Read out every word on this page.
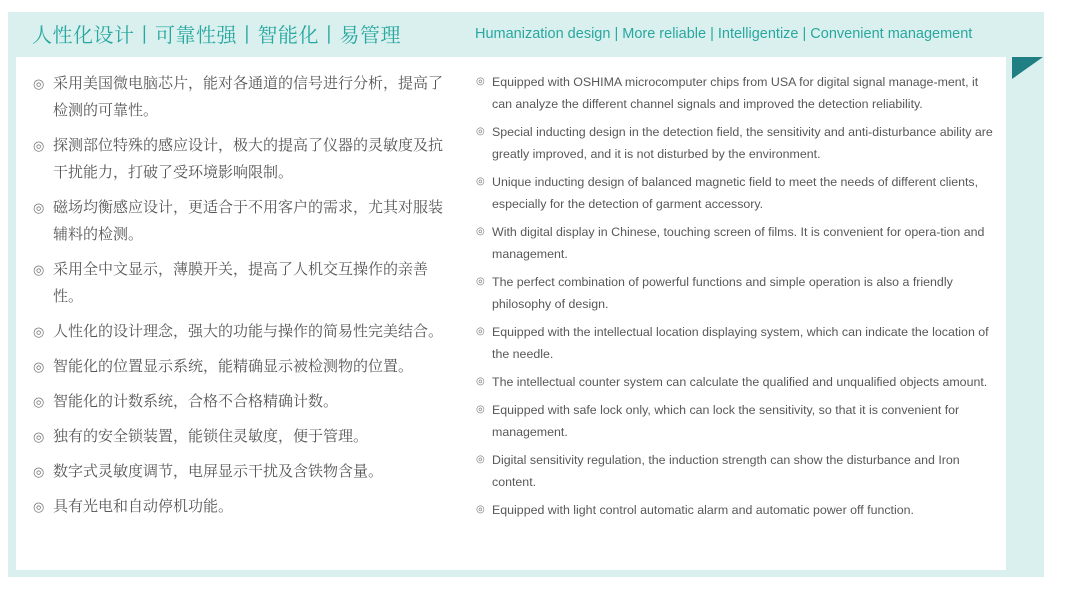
人性化设计丨可靠性强丨智能化丨易管理	Humanization design | More reliable | Intelligentize | Convenient management
◎ 采用美国微电脑芯片，能对各通道的信号进行分析，提高了检测的可靠性。
◎ 探测部位特殊的感应设计，极大的提高了仪器的灵敏度及抗干扰能力，打破了受环境影响限制。
◎ 磁场均衡感应设计，更适合于不用客户的需求，尤其对服装辅料的检测。
◎ 采用全中文显示，薄膜开关，提高了人机交互操作的亲善性。
◎ 人性化的设计理念，强大的功能与操作的简易性完美结合。
◎ 智能化的位置显示系统，能精确显示被检测物的位置。
◎ 智能化的计数系统，合格不合格精确计数。
◎ 独有的安全锁装置，能锁住灵敏度，便于管理。
◎ 数字式灵敏度调节，电屏显示干扰及含铁物含量。
◎ 具有光电和自动停机功能。
◎ Equipped with OSHIMA microcomputer chips from USA for digital signal manage-ment, it can analyze the different channel signals and improved the detection reliability.
◎ Special inducting design in the detection field, the sensitivity and anti-disturbance ability are greatly improved, and it is not disturbed by the environment.
◎ Unique inducting design of balanced magnetic field to meet the needs of different clients, especially for the detection of garment accessory.
◎ With digital display in Chinese, touching screen of films. It is convenient for opera-tion and management.
◎ The perfect combination of powerful functions and simple operation is also a friendly philosophy of design.
◎ Equipped with the intellectual location displaying system, which can indicate the location of the needle.
◎ The intellectual counter system can calculate the qualified and unqualified objects amount.
◎ Equipped with safe lock only, which can lock the sensitivity, so that it is convenient for management.
◎ Digital sensitivity regulation, the induction strength can show the disturbance and Iron content.
◎ Equipped with light control automatic alarm and automatic power off function.
